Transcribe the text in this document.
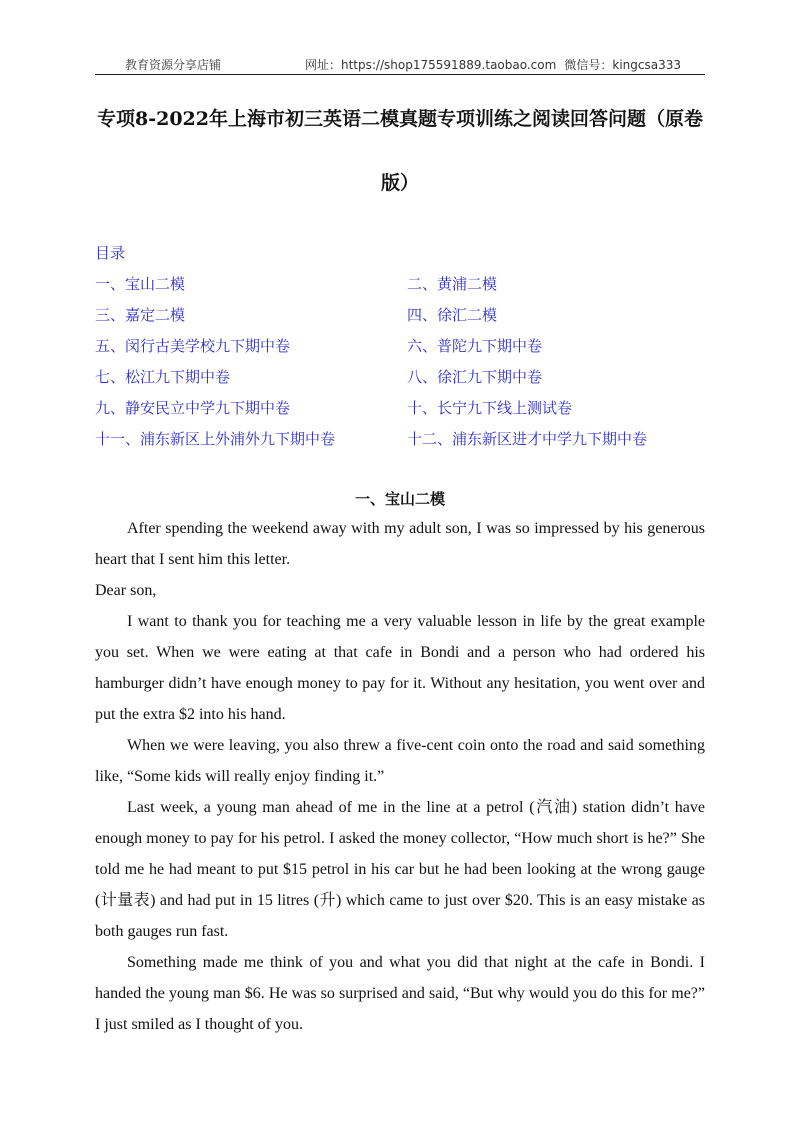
教育资源分享店铺	网址：https://shop175591889.taobao.com 微信号：kingcsa333
专项8-2022年上海市初三英语二模真题专项训练之阅读回答问题（原卷
版）
目录
一、宝山二模	二、黄浦二模
三、嘉定二模	四、徐汇二模
五、闵行古美学校九下期中卷	六、普陀九下期中卷
七、松江九下期中卷	八、徐汇九下期中卷
九、静安民立中学九下期中卷	十、长宁九下线上测试卷
十一、浦东新区上外浦外九下期中卷	十二、浦东新区进才中学九下期中卷
一、宝山二模

After spending the weekend away with my adult son, I was so impressed by his generous heart that I sent him this letter.

Dear son,

I want to thank you for teaching me a very valuable lesson in life by the great example you set. When we were eating at that cafe in Bondi and a person who had ordered his hamburger didn’t have enough money to pay for it. Without any hesitation, you went over and put the extra $2 into his hand.

When we were leaving, you also threw a five-cent coin onto the road and said something like, “Some kids will really enjoy finding it.”

Last week, a young man ahead of me in the line at a petrol (汽油) station didn’t have enough money to pay for his petrol. I asked the money collector, “How much short is he?” She told me he had meant to put $15 petrol in his car but he had been looking at the wrong gauge (计量表) and had put in 15 litres (升) which came to just over $20. This is an easy mistake as both gauges run fast.

Something made me think of you and what you did that night at the cafe in Bondi. I handed the young man $6. He was so surprised and said, “But why would you do this for me?” I just smiled as I thought of you.
